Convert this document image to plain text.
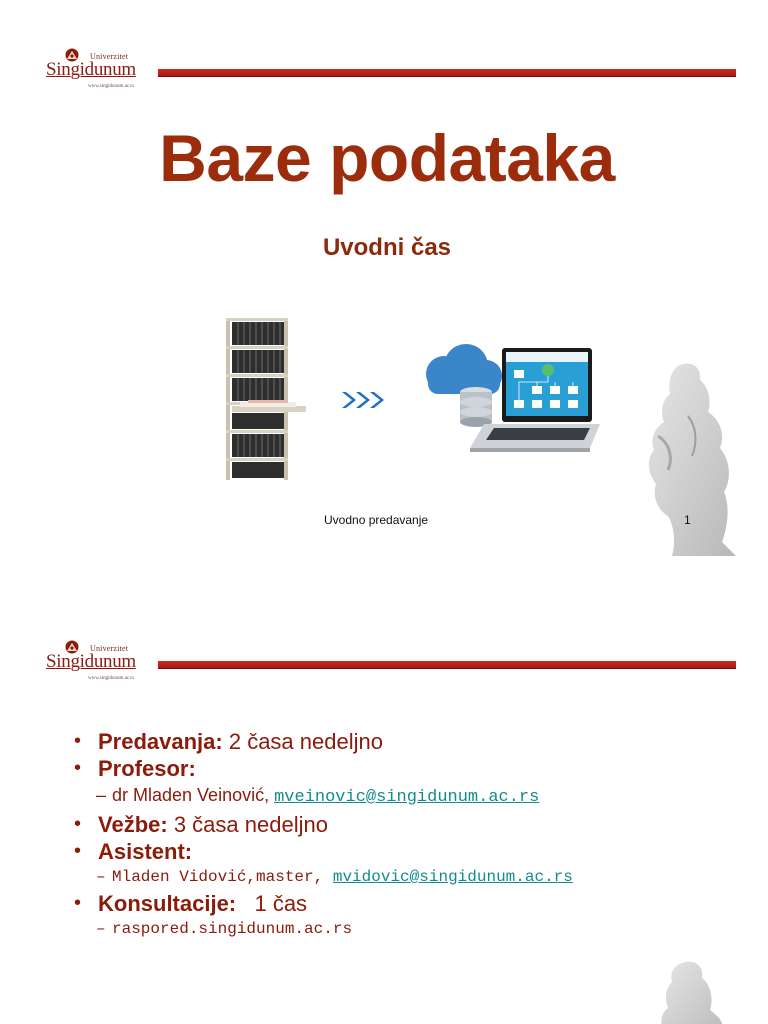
Univerzitet
Singidunum
www.singidunum.ac.rs
Baze podataka
Uvodni čas
Uvodno predavanje	1
Univerzitet
Singidunum
www.singidunum.ac.rs
• Predavanja: 2 časa nedeljno
• Profesor:
– dr Mladen Veinović, mveinovic@singidunum.ac.rs
• Vežbe: 3 časa nedeljno
• Asistent:
– Mladen Vidović,master, mvidovic@singidunum.ac.rs
• Konsultacije:   1 čas
– raspored.singidunum.ac.rs
